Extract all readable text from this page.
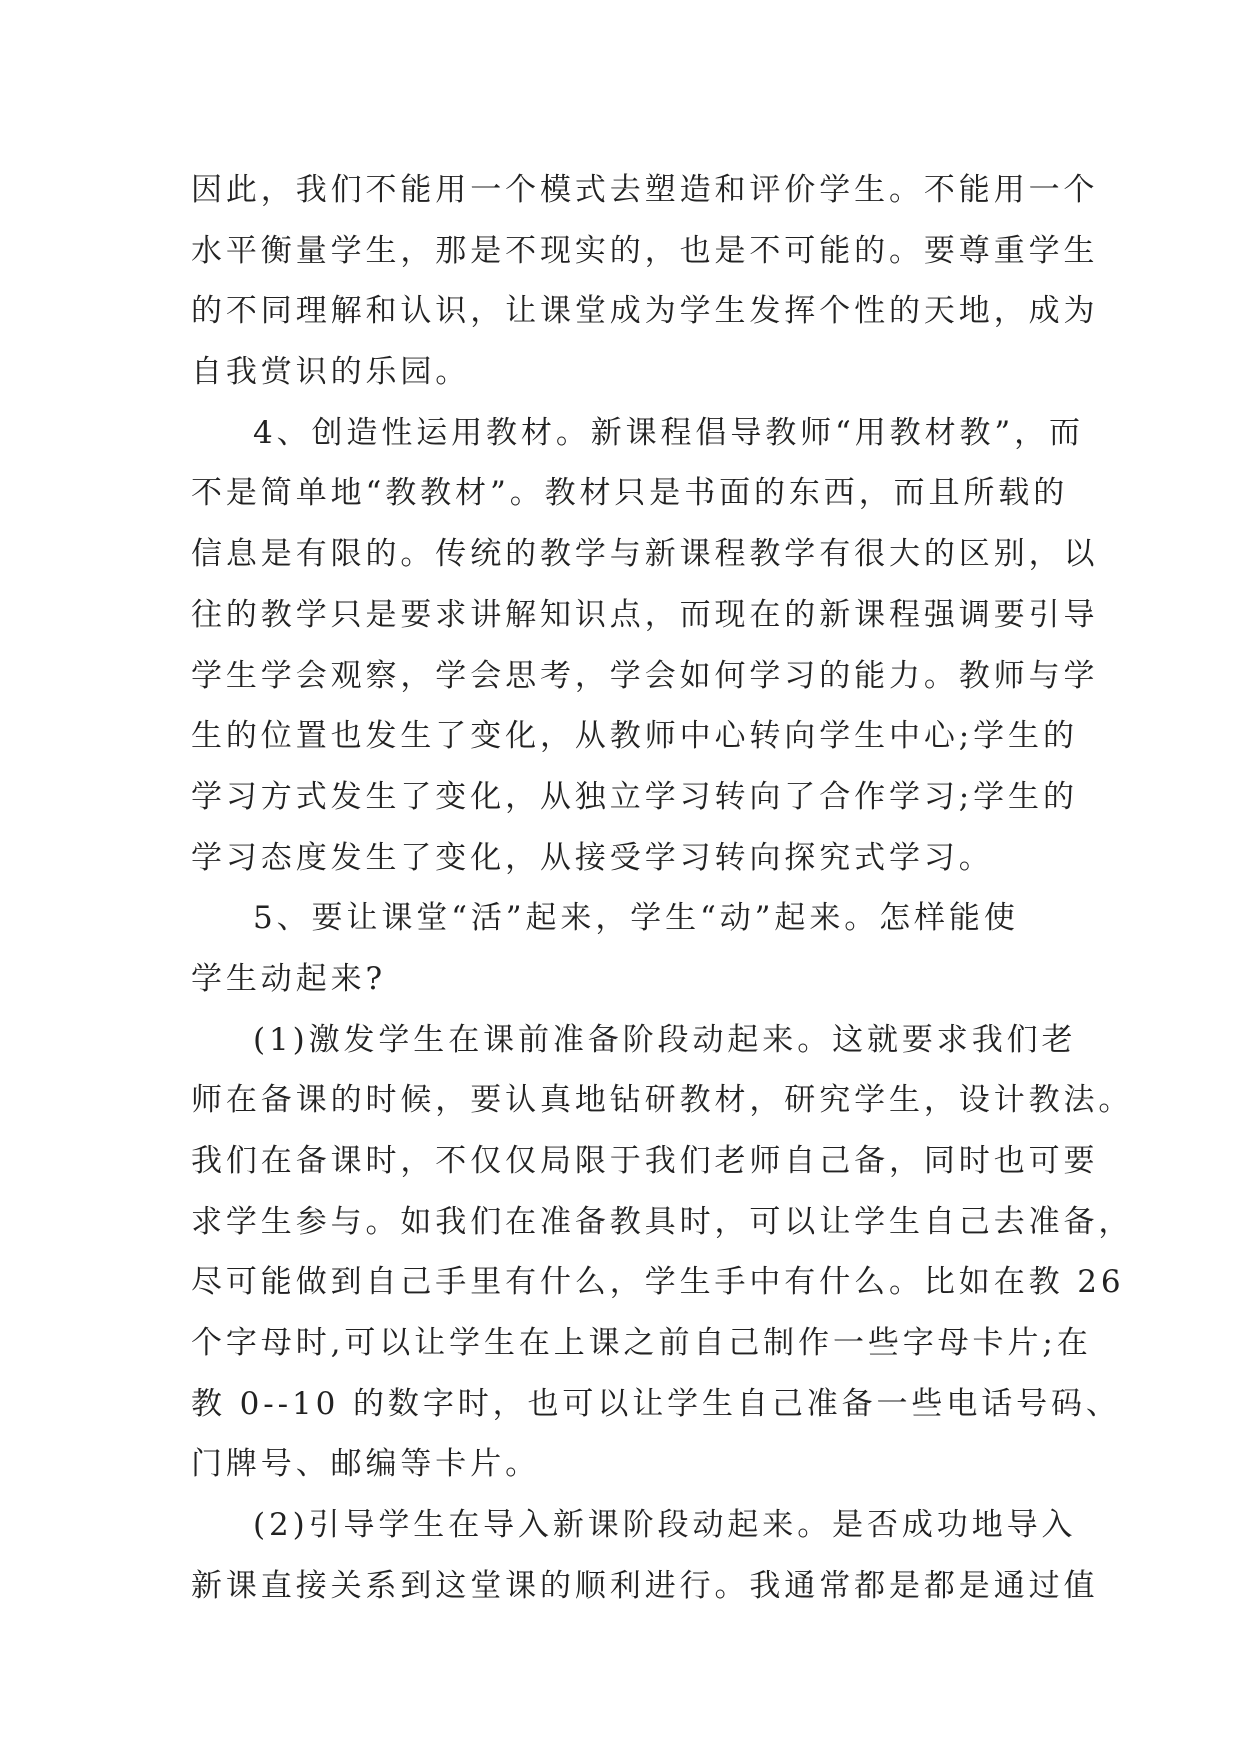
因此，我们不能用一个模式去塑造和评价学生。不能用一个
水平衡量学生，那是不现实的，也是不可能的。要尊重学生
的不同理解和认识，让课堂成为学生发挥个性的天地，成为
自我赏识的乐园。
4、创造性运用教材。新课程倡导教师“用教材教”，而
不是简单地“教教材”。教材只是书面的东西，而且所载的
信息是有限的。传统的教学与新课程教学有很大的区别，以
往的教学只是要求讲解知识点，而现在的新课程强调要引导
学生学会观察，学会思考，学会如何学习的能力。教师与学
生的位置也发生了变化，从教师中心转向学生中心;学生的
学习方式发生了变化，从独立学习转向了合作学习;学生的
学习态度发生了变化，从接受学习转向探究式学习。
5、要让课堂“活”起来，学生“动”起来。怎样能使
学生动起来?
(1)激发学生在课前准备阶段动起来。这就要求我们老
师在备课的时候，要认真地钻研教材，研究学生，设计教法。
我们在备课时，不仅仅局限于我们老师自己备，同时也可要
求学生参与。如我们在准备教具时，可以让学生自己去准备，
尽可能做到自己手里有什么，学生手中有什么。比如在教 26
个字母时,可以让学生在上课之前自己制作一些字母卡片;在
教 0--10 的数字时，也可以让学生自己准备一些电话号码、
门牌号、邮编等卡片。
(2)引导学生在导入新课阶段动起来。是否成功地导入
新课直接关系到这堂课的顺利进行。我通常都是都是通过值
